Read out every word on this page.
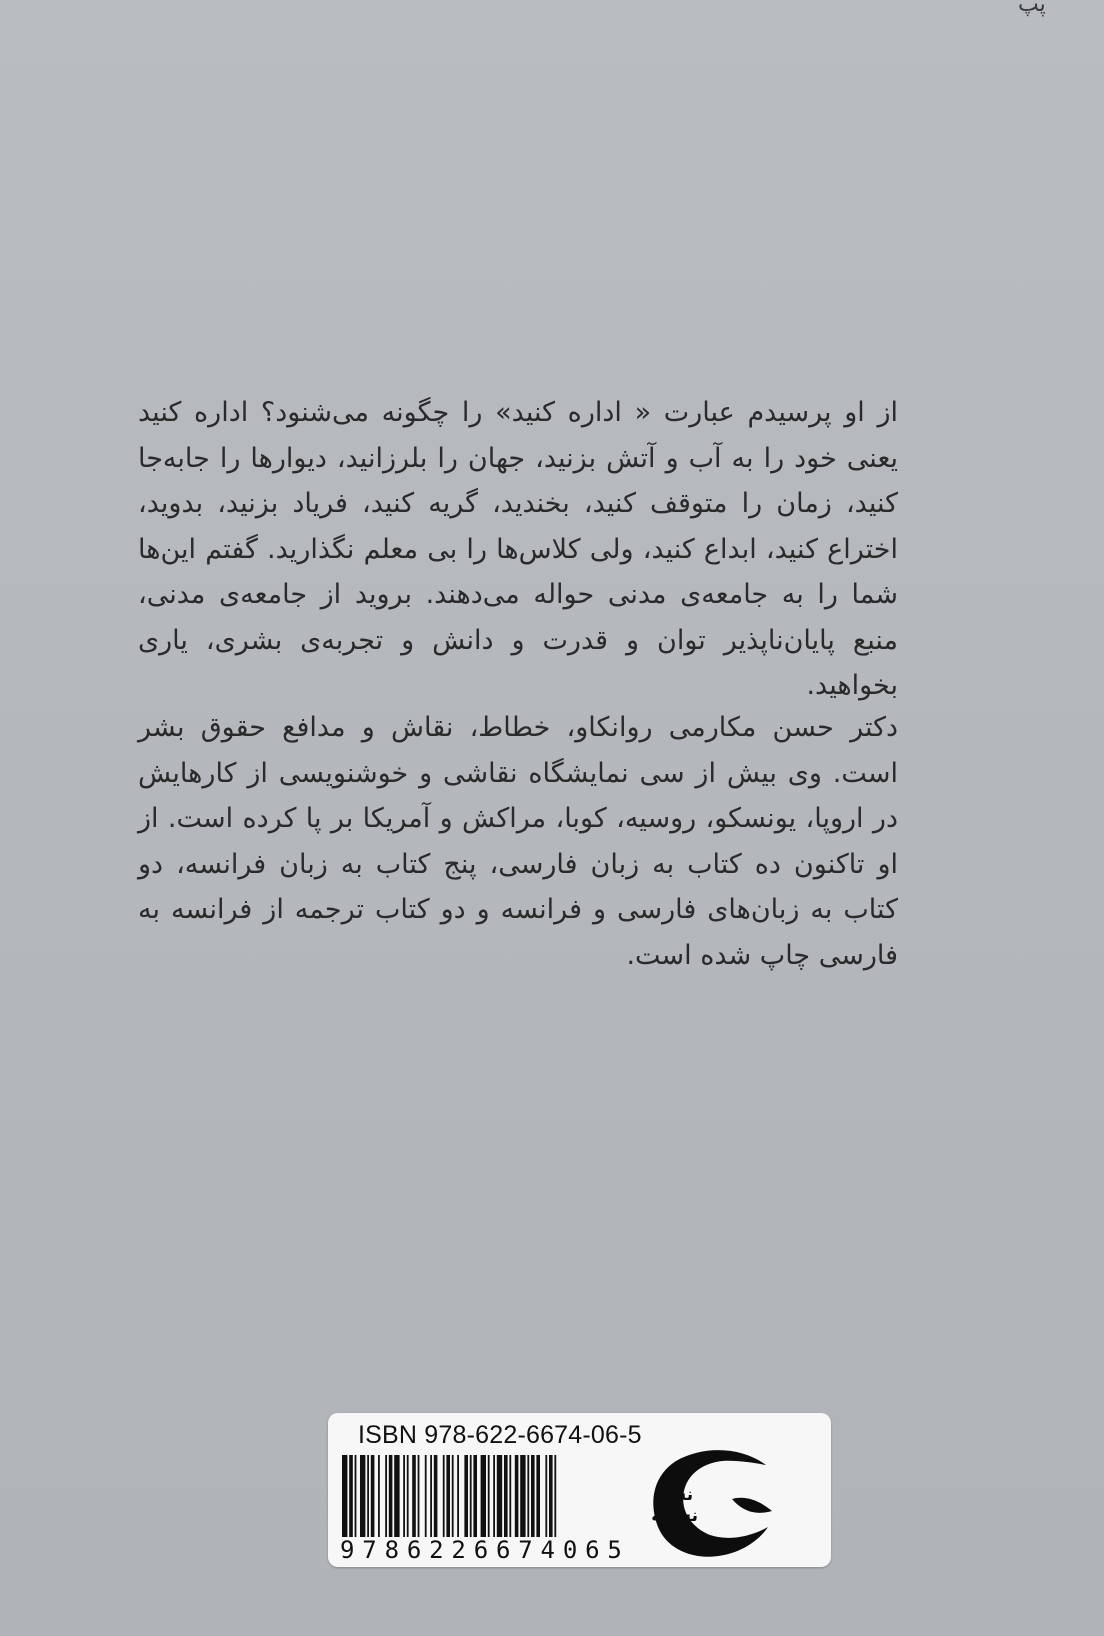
پپ

از او پرسیدم عبارت « اداره کنید» را چگونه می‌شنود؟ اداره کنید یعنی خود را به آب و آتش بزنید، جهان را بلرزانید، دیوارها را جابه‌جا کنید، زمان را متوقف کنید، بخندید، گریه کنید، فریاد بزنید، بدوید، اختراع کنید، ابداع کنید، ولی کلاس‌ها را بی معلم نگذارید. گفتم این‌ها شما را به جامعه‌ی مدنی حواله می‌دهند. بروید از جامعه‌ی مدنی، منبع پایان‌ناپذیر توان و قدرت و دانش و تجربه‌ی بشری، یاری بخواهید.

دکتر حسن مکارمی روانکاو، خطاط، نقاش و مدافع حقوق بشر است. وی بیش از سی نمایشگاه نقاشی و خوشنویسی از کارهایش در اروپا، یونسکو، روسیه، کوبا، مراکش و آمریکا بر پا کرده است. از او تاکنون ده کتاب به زبان فارسی، پنج کتاب به زبان فرانسه، دو کتاب به زبان‌های فارسی و فرانسه و دو کتاب ترجمه از فرانسه به فارسی چاپ شده است.

ISBN 978-622-6674-06-5
9 7 8 6 2 2 6 6 7 4 0 6 5
نشر
نشانه
